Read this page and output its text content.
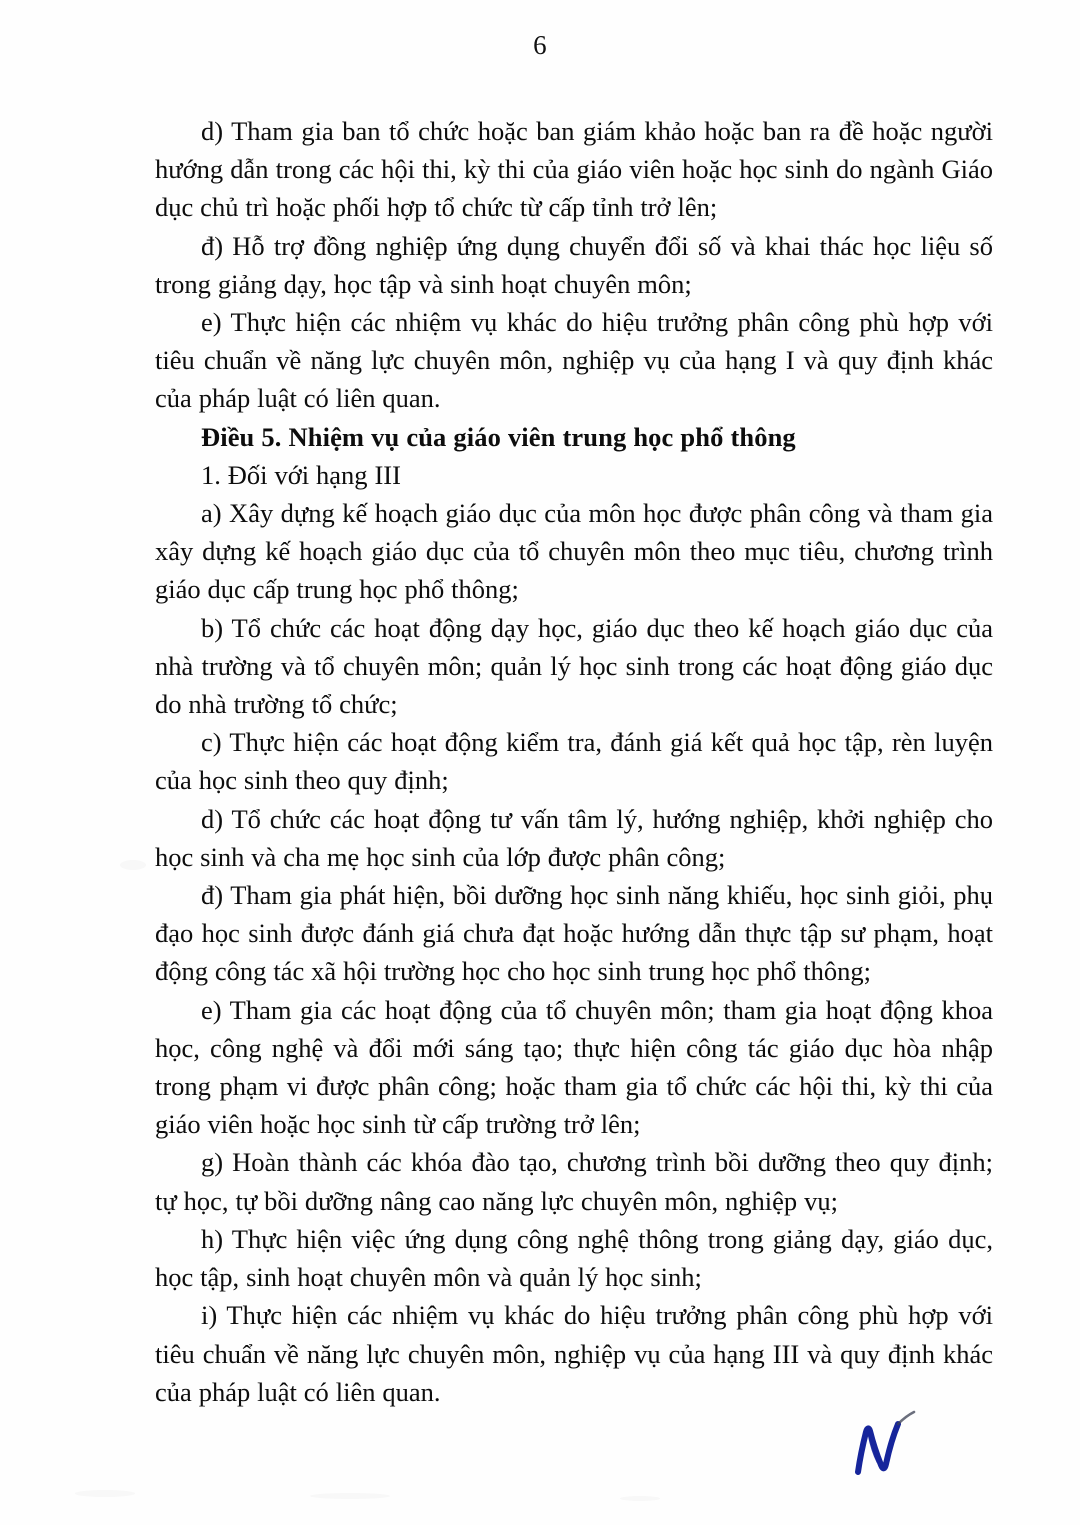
6

d) Tham gia ban tổ chức hoặc ban giám khảo hoặc ban ra đề hoặc người hướng dẫn trong các hội thi, kỳ thi của giáo viên hoặc học sinh do ngành Giáo dục chủ trì hoặc phối hợp tổ chức từ cấp tỉnh trở lên;

đ) Hỗ trợ đồng nghiệp ứng dụng chuyển đổi số và khai thác học liệu số trong giảng dạy, học tập và sinh hoạt chuyên môn;

e) Thực hiện các nhiệm vụ khác do hiệu trưởng phân công phù hợp với tiêu chuẩn về năng lực chuyên môn, nghiệp vụ của hạng I và quy định khác của pháp luật có liên quan.

Điều 5. Nhiệm vụ của giáo viên trung học phổ thông

1. Đối với hạng III

a) Xây dựng kế hoạch giáo dục của môn học được phân công và tham gia xây dựng kế hoạch giáo dục của tổ chuyên môn theo mục tiêu, chương trình giáo dục cấp trung học phổ thông;

b) Tổ chức các hoạt động dạy học, giáo dục theo kế hoạch giáo dục của nhà trường và tổ chuyên môn; quản lý học sinh trong các hoạt động giáo dục do nhà trường tổ chức;

c) Thực hiện các hoạt động kiểm tra, đánh giá kết quả học tập, rèn luyện của học sinh theo quy định;

d) Tổ chức các hoạt động tư vấn tâm lý, hướng nghiệp, khởi nghiệp cho học sinh và cha mẹ học sinh của lớp được phân công;

đ) Tham gia phát hiện, bồi dưỡng học sinh năng khiếu, học sinh giỏi, phụ đạo học sinh được đánh giá chưa đạt hoặc hướng dẫn thực tập sư phạm, hoạt động công tác xã hội trường học cho học sinh trung học phổ thông;

e) Tham gia các hoạt động của tổ chuyên môn; tham gia hoạt động khoa học, công nghệ và đổi mới sáng tạo; thực hiện công tác giáo dục hòa nhập trong phạm vi được phân công; hoặc tham gia tổ chức các hội thi, kỳ thi của giáo viên hoặc học sinh từ cấp trường trở lên;

g) Hoàn thành các khóa đào tạo, chương trình bồi dưỡng theo quy định; tự học, tự bồi dưỡng nâng cao năng lực chuyên môn, nghiệp vụ;

h) Thực hiện việc ứng dụng công nghệ thông trong giảng dạy, giáo dục, học tập, sinh hoạt chuyên môn và quản lý học sinh;

i) Thực hiện các nhiệm vụ khác do hiệu trưởng phân công phù hợp với tiêu chuẩn về năng lực chuyên môn, nghiệp vụ của hạng III và quy định khác của pháp luật có liên quan.
